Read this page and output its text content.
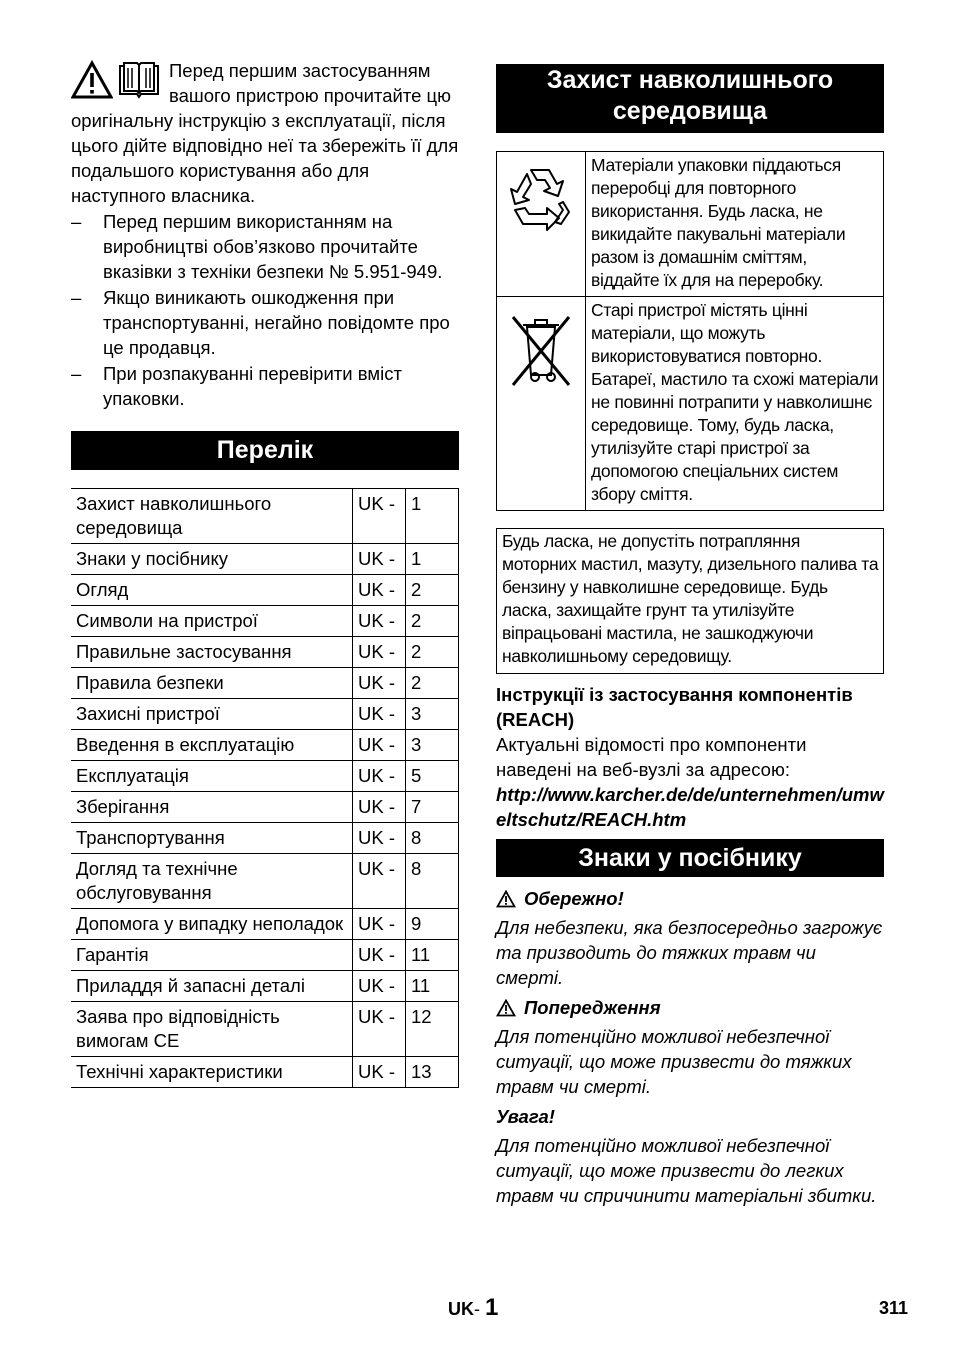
Перед першим застосуванням вашого пристрою прочитайте цю оригінальну інструкцію з експлуатації, після цього дійте відповідно неї та збережіть її для подальшого користування або для наступного власника.

– Перед першим використанням на виробництві обов’язково прочитайте вказівки з техніки безпеки № 5.951-949.
– Якщо виникають ошкодження при транспортуванні, негайно повідомте про це продавця.
– При розпакуванні перевірити вміст упаковки.
Перелік
Захист навколишнього середовища	UK -	1
Знаки у посібнику	UK -	1
Огляд	UK -	2
Символи на пристрої	UK -	2
Правильне застосування	UK -	2
Правила безпеки	UK -	2
Захисні пристрої	UK -	3
Введення в експлуатацію	UK -	3
Експлуатація	UK -	5
Зберігання	UK -	7
Транспортування	UK -	8
Догляд та технічне обслуговування	UK -	8
Допомога у випадку неполадок	UK -	9
Гарантія	UK -	11
Приладдя й запасні деталі	UK -	11
Заява про відповідність вимогам CE	UK -	12
Технічні характеристики	UK -	13
Захист навколишнього
середовища
	Матеріали упаковки піддаються переробці для повторного використання. Будь ласка, не викидайте пакувальні матеріали разом із домашнім сміттям, віддайте їх для на переробку.
	Старі пристрої містять цінні матеріали, що можуть використовуватися повторно. Батареї, мастило та схожі матеріали не повинні потрапити у навколишнє середовище. Тому, будь ласка, утилізуйте старі пристрої за допомогою спеціальних систем збору сміття.
Будь ласка, не допустіть потрапляння моторних мастил, мазуту, дизельного палива та бензину у навколишне середовище. Будь ласка, захищайте грунт та утилізуйте віпрацьовані мастила, не зашкоджуючи навколишньому середовищу.
Інструкції із застосування компонентів (REACH)
Актуальні відомості про компоненти наведені на веб-вузлі за адресою:
http://www.karcher.de/de/unternehmen/umweltschutz/REACH.htm
Знаки у посібнику
Обережно!
Для небезпеки, яка безпосередньо загрожує та призводить до тяжких травм чи смерті.
Попередження
Для потенційно можливої небезпечної ситуації, що може призвести до тяжких травм чи смерті.
Увага!
Для потенційно можливої небезпечної ситуації, що може призвести до легких травм чи спричинити матеріальні збитки.
UK- 1	311
